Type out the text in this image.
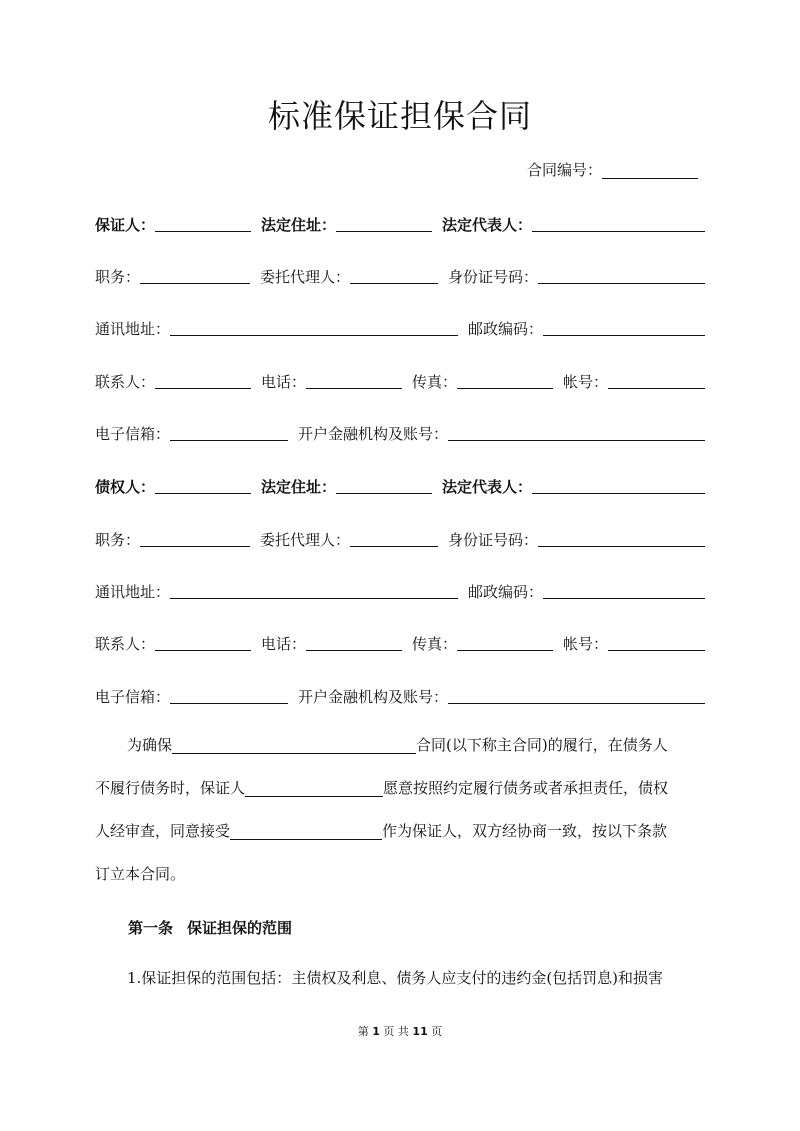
标准保证担保合同
合同编号：
保证人：	法定住址：	法定代表人：
职务：	委托代理人：	身份证号码：
通讯地址：	邮政编码：
联系人：	电话：	传真：	帐号：
电子信箱：	开户金融机构及账号：
债权人：	法定住址：	法定代表人：
职务：	委托代理人：	身份证号码：
通讯地址：	邮政编码：
联系人：	电话：	传真：	帐号：
电子信箱：	开户金融机构及账号：
为确保	合同(以下称主合同)的履行，在债务人
不履行债务时，保证人	愿意按照约定履行债务或者承担责任，债权
人经审查，同意接受	作为保证人，双方经协商一致，按以下条款
订立本合同。
第一条 保证担保的范围
1.保证担保的范围包括：主债权及利息、债务人应支付的违约金(包括罚息)和损害
第 1 页 共 11 页
